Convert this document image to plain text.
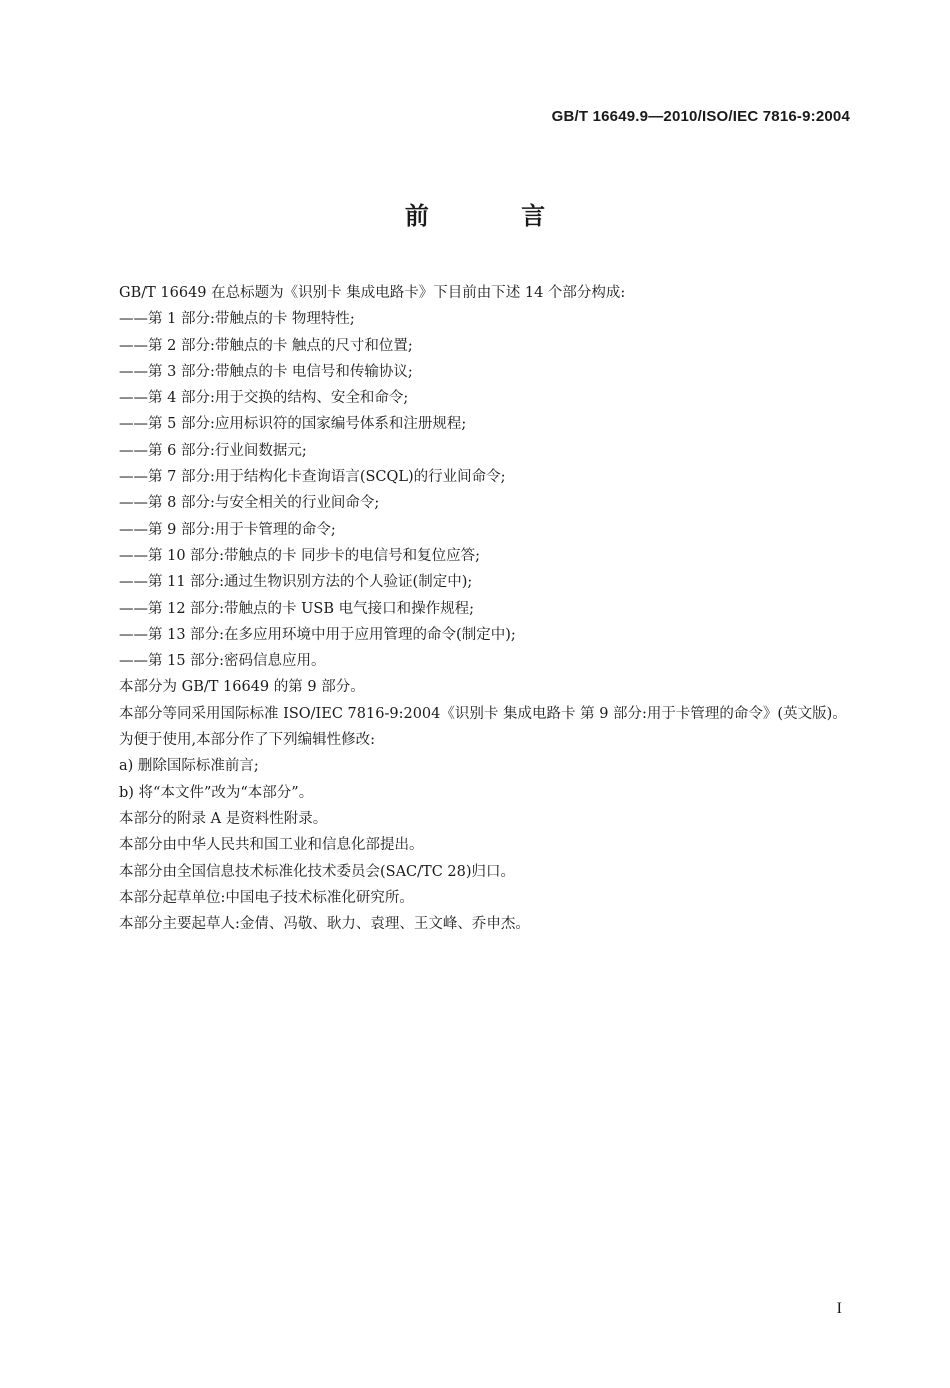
GB/T 16649.9—2010/ISO/IEC 7816-9:2004
前 言

GB/T 16649 在总标题为《识别卡 集成电路卡》下目前由下述 14 个部分构成:

——第 1 部分:带触点的卡 物理特性;

——第 2 部分:带触点的卡 触点的尺寸和位置;

——第 3 部分:带触点的卡 电信号和传输协议;

——第 4 部分:用于交换的结构、安全和命令;

——第 5 部分:应用标识符的国家编号体系和注册规程;

——第 6 部分:行业间数据元;

——第 7 部分:用于结构化卡查询语言(SCQL)的行业间命令;

——第 8 部分:与安全相关的行业间命令;

——第 9 部分:用于卡管理的命令;

——第 10 部分:带触点的卡 同步卡的电信号和复位应答;

——第 11 部分:通过生物识别方法的个人验证(制定中);

——第 12 部分:带触点的卡 USB 电气接口和操作规程;

——第 13 部分:在多应用环境中用于应用管理的命令(制定中);

——第 15 部分:密码信息应用。

本部分为 GB/T 16649 的第 9 部分。

本部分等同采用国际标准 ISO/IEC 7816-9:2004《识别卡 集成电路卡 第 9 部分:用于卡管理的命令》(英文版)。

为便于使用,本部分作了下列编辑性修改:

a) 删除国际标准前言;

b) 将“本文件”改为“本部分”。

本部分的附录 A 是资料性附录。

本部分由中华人民共和国工业和信息化部提出。

本部分由全国信息技术标准化技术委员会(SAC/TC 28)归口。

本部分起草单位:中国电子技术标准化研究所。

本部分主要起草人:金倩、冯敬、耿力、袁理、王文峰、乔申杰。

I
